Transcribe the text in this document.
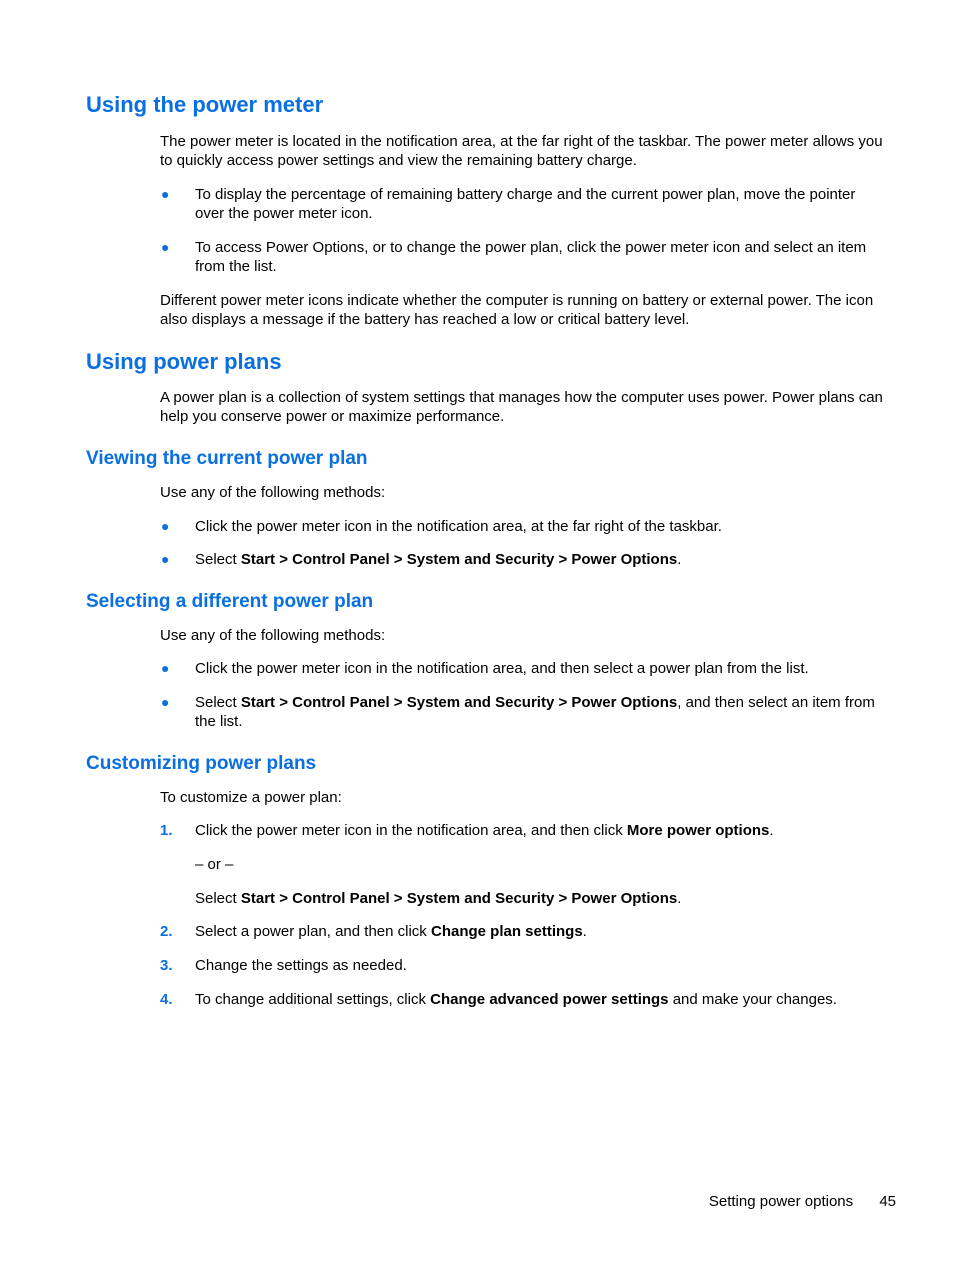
Using the power meter

The power meter is located in the notification area, at the far right of the taskbar. The power meter allows you to quickly access power settings and view the remaining battery charge.

● To display the percentage of remaining battery charge and the current power plan, move the pointer over the power meter icon.
● To access Power Options, or to change the power plan, click the power meter icon and select an item from the list.

Different power meter icons indicate whether the computer is running on battery or external power. The icon also displays a message if the battery has reached a low or critical battery level.

Using power plans

A power plan is a collection of system settings that manages how the computer uses power. Power plans can help you conserve power or maximize performance.

Viewing the current power plan

Use any of the following methods:

● Click the power meter icon in the notification area, at the far right of the taskbar.
● Select Start > Control Panel > System and Security > Power Options.
Selecting a different power plan

Use any of the following methods:

● Click the power meter icon in the notification area, and then select a power plan from the list.
● Select Start > Control Panel > System and Security > Power Options, and then select an item from the list.
Customizing power plans

To customize a power plan:

1. Click the power meter icon in the notification area, and then click More power options.
– or –
Select Start > Control Panel > System and Security > Power Options.
2. Select a power plan, and then click Change plan settings.
3. Change the settings as needed.
4. To change additional settings, click Change advanced power settings and make your changes.
Setting power options 45
